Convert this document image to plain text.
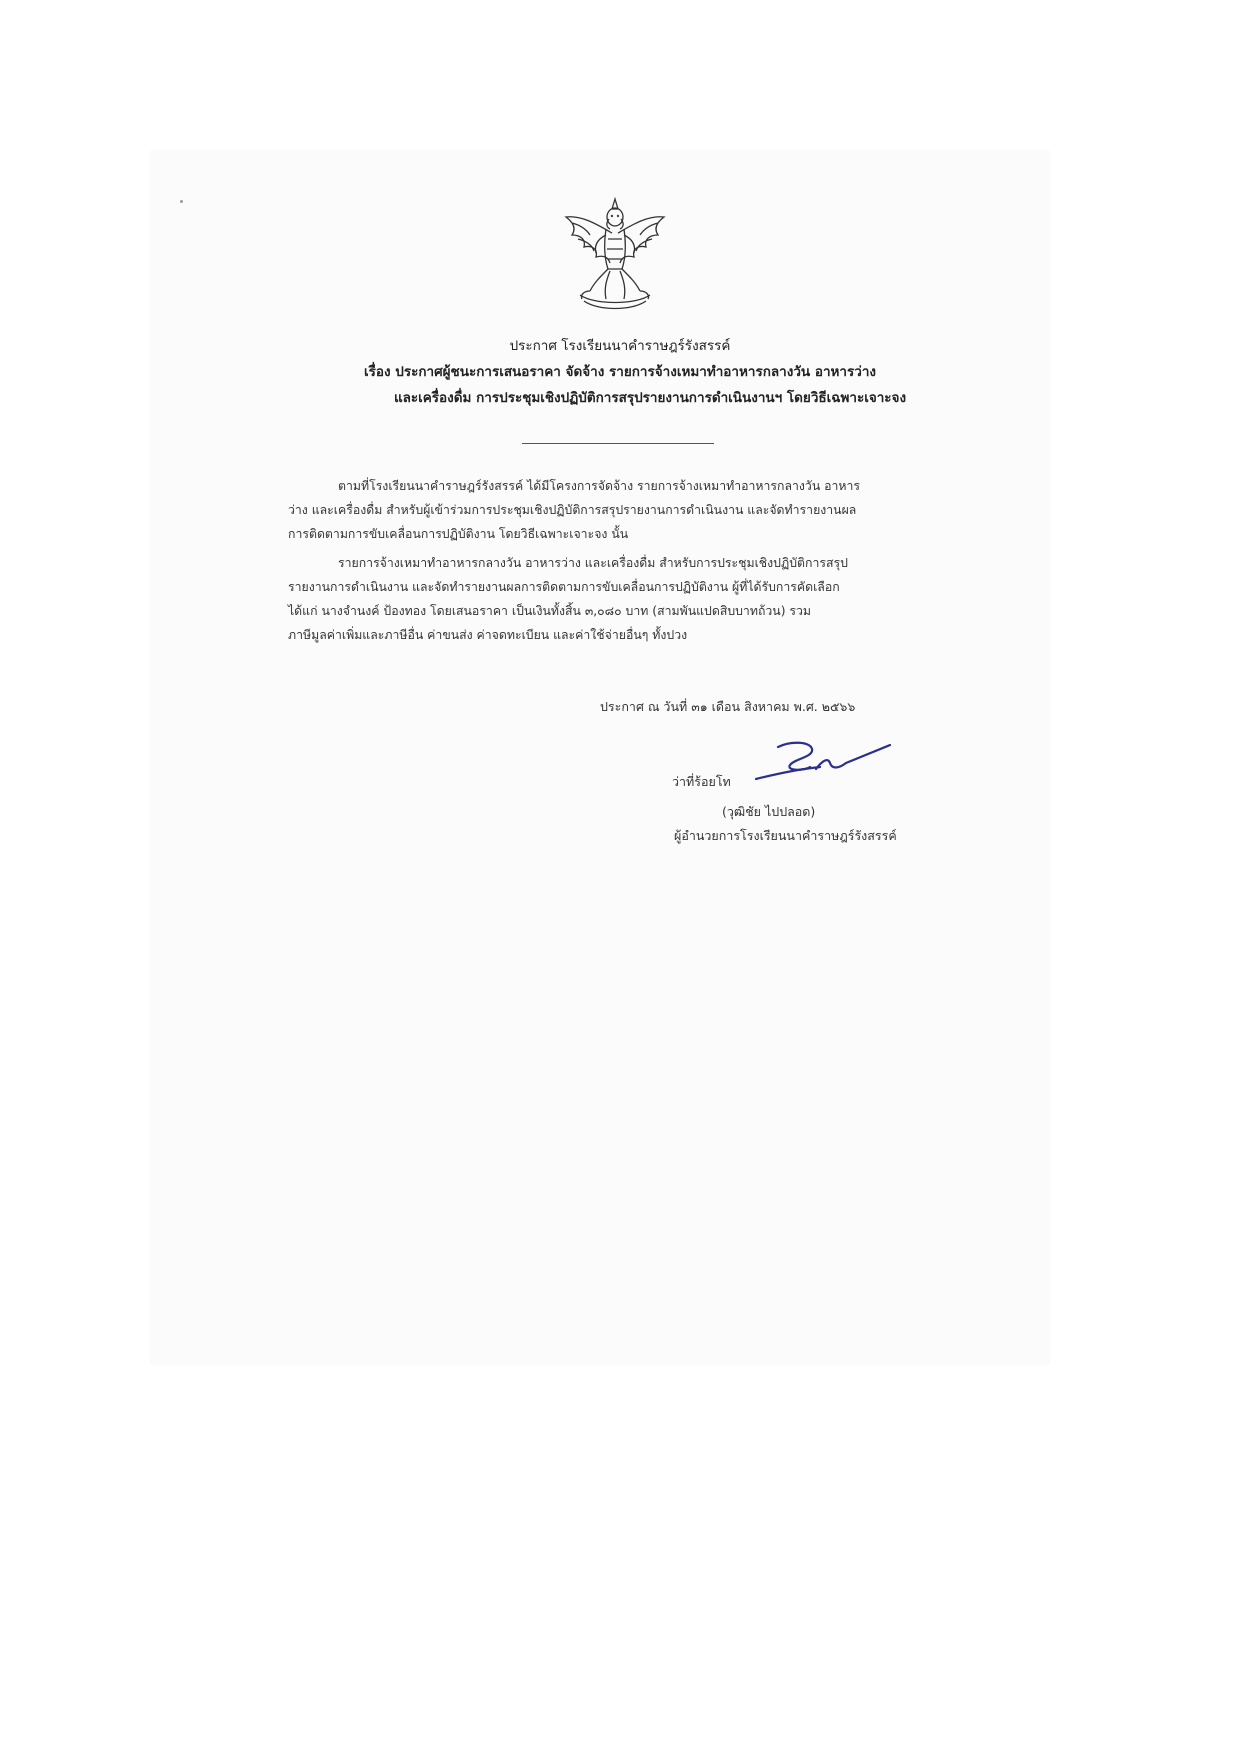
ประกาศ โรงเรียนนาคำราษฎร์รังสรรค์
เรื่อง ประกาศผู้ชนะการเสนอราคา จัดจ้าง รายการจ้างเหมาทำอาหารกลางวัน อาหารว่าง
และเครื่องดื่ม การประชุมเชิงปฏิบัติการสรุปรายงานการดำเนินงานฯ โดยวิธีเฉพาะเจาะจง
ตามที่โรงเรียนนาคำราษฎร์รังสรรค์ ได้มีโครงการจัดจ้าง รายการจ้างเหมาทำอาหารกลางวัน อาหาร
ว่าง และเครื่องดื่ม สำหรับผู้เข้าร่วมการประชุมเชิงปฏิบัติการสรุปรายงานการดำเนินงาน และจัดทำรายงานผล
การติดตามการขับเคลื่อนการปฏิบัติงาน โดยวิธีเฉพาะเจาะจง นั้น
รายการจ้างเหมาทำอาหารกลางวัน อาหารว่าง และเครื่องดื่ม สำหรับการประชุมเชิงปฏิบัติการสรุป
รายงานการดำเนินงาน และจัดทำรายงานผลการติดตามการขับเคลื่อนการปฏิบัติงาน ผู้ที่ได้รับการคัดเลือก
ได้แก่ นางจำนงค์ ป้องทอง โดยเสนอราคา เป็นเงินทั้งสิ้น ๓,๐๘๐ บาท (สามพันแปดสิบบาทถ้วน) รวม
ภาษีมูลค่าเพิ่มและภาษีอื่น ค่าขนส่ง ค่าจดทะเบียน และค่าใช้จ่ายอื่นๆ ทั้งปวง
ประกาศ ณ วันที่ ๓๑ เดือน สิงหาคม พ.ศ. ๒๕๖๖
ว่าที่ร้อยโท
(วุฒิชัย ไปปลอด)
ผู้อำนวยการโรงเรียนนาคำราษฎร์รังสรรค์
